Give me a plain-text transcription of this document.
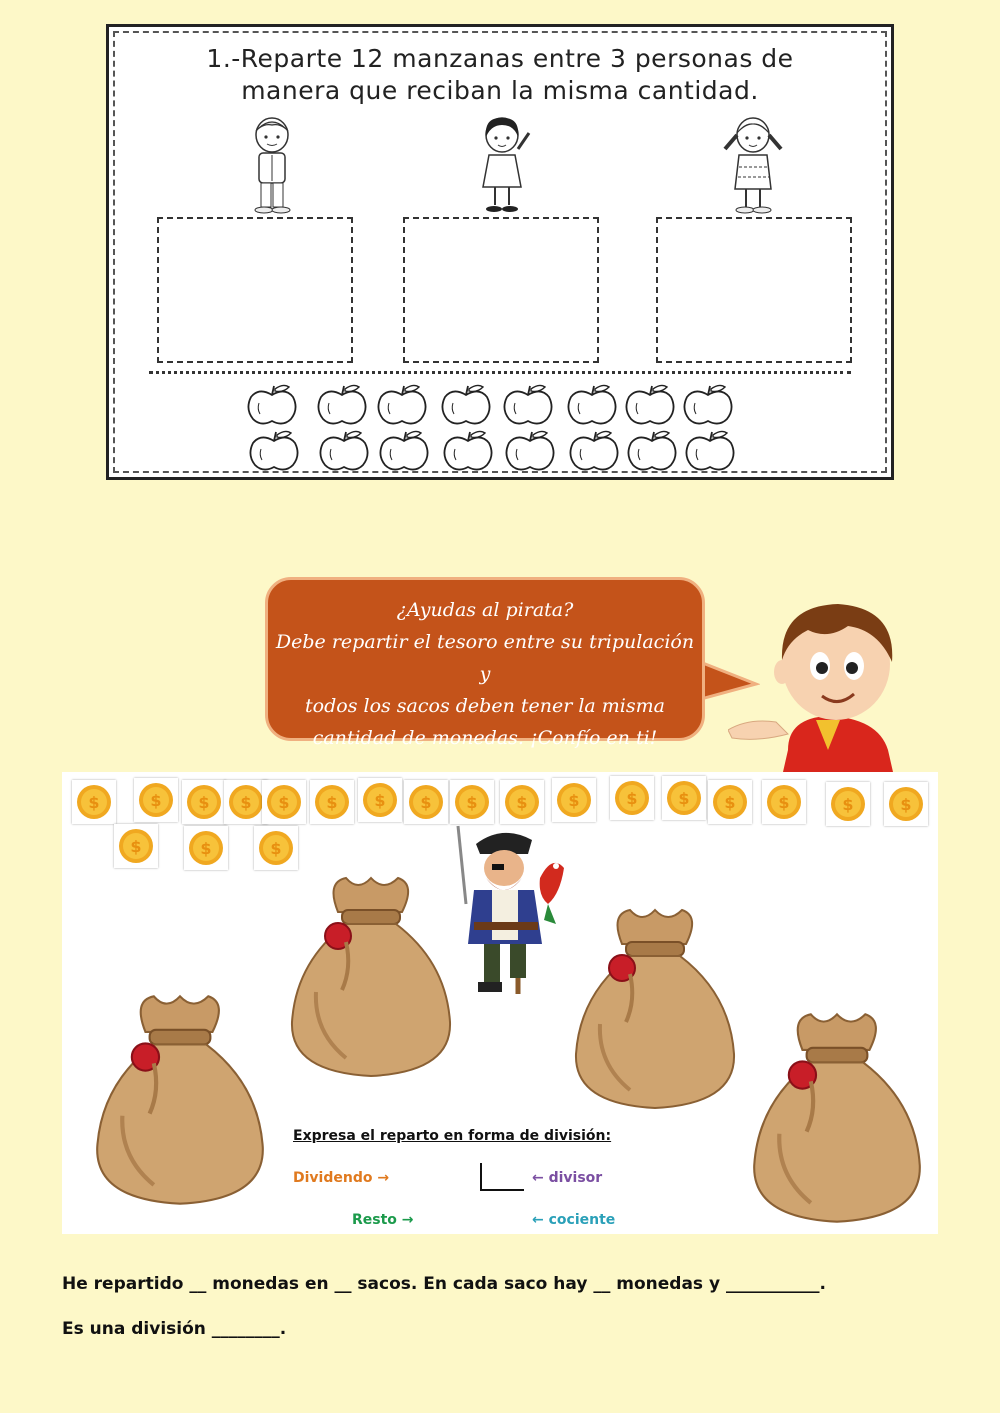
1.-Reparte 12 manzanas entre 3 personas de
manera que reciban la misma cantidad.
¿Ayudas al pirata?
Debe repartir el tesoro entre su tripulación y
todos los sacos deben tener la misma
cantidad de monedas. ¡Confío en ti!
$	$ $ $ $ $ $ $ $ $	$	$	$ $	$	$	$
$	$	$
Expresa el reparto en forma de división:
Dividendo →	← divisor
Resto →	← cociente
He repartido __ monedas en __ sacos. En cada saco hay __ monedas y ___________.
Es una división ________.
